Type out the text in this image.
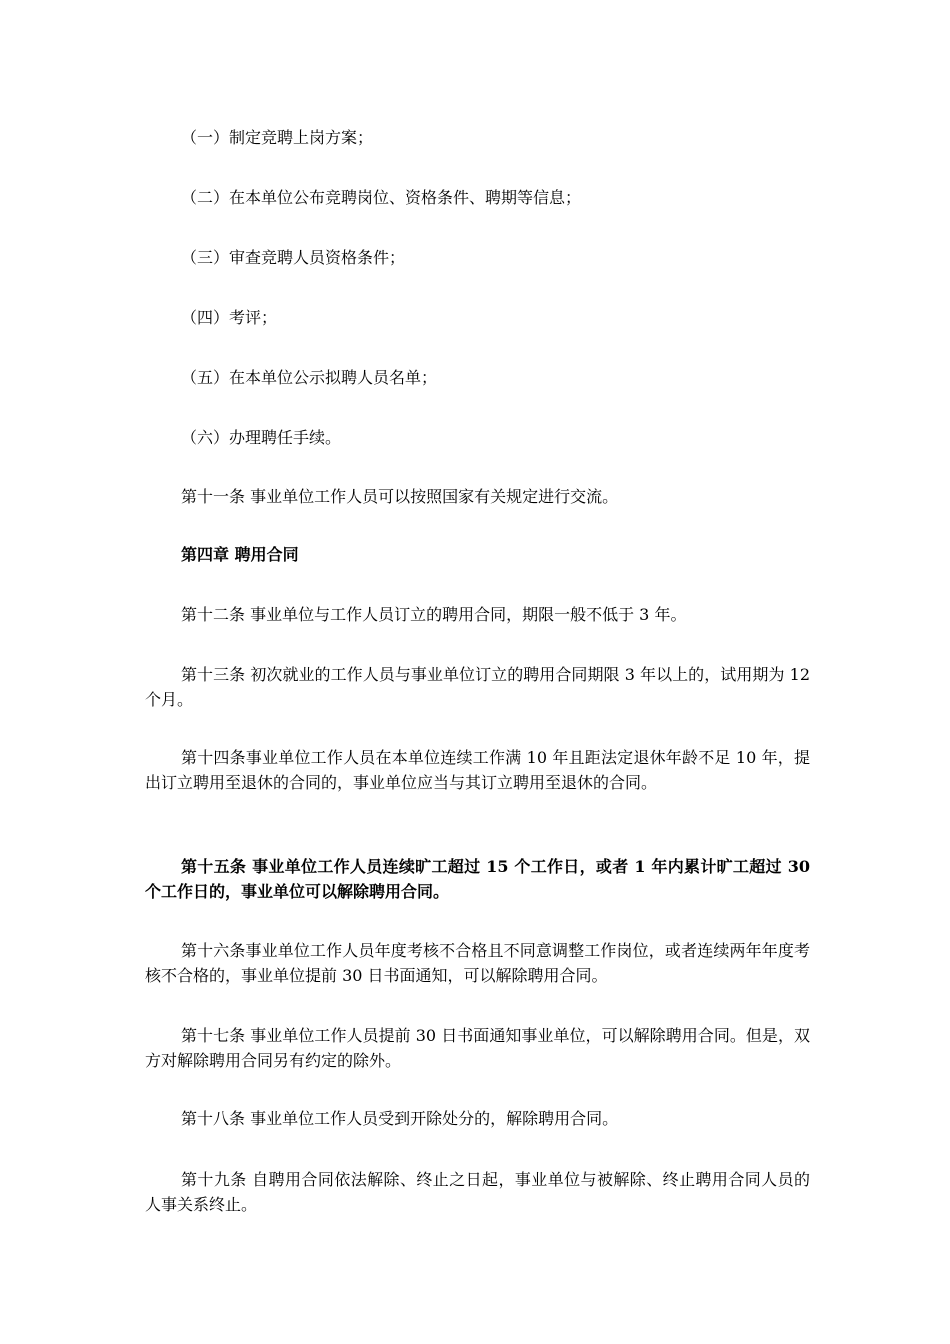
（一）制定竞聘上岗方案；

（二）在本单位公布竞聘岗位、资格条件、聘期等信息；

（三）审查竞聘人员资格条件；

（四）考评；

（五）在本单位公示拟聘人员名单；

（六）办理聘任手续。

第十一条 事业单位工作人员可以按照国家有关规定进行交流。

第四章 聘用合同

第十二条 事业单位与工作人员订立的聘用合同，期限一般不低于 3 年。

第十三条 初次就业的工作人员与事业单位订立的聘用合同期限 3 年以上的，试用期为 12 个月。

第十四条事业单位工作人员在本单位连续工作满 10 年且距法定退休年龄不足 10 年，提出订立聘用至退休的合同的，事业单位应当与其订立聘用至退休的合同。

第十五条 事业单位工作人员连续旷工超过 15 个工作日，或者 1 年内累计旷工超过 30 个工作日的，事业单位可以解除聘用合同。

第十六条事业单位工作人员年度考核不合格且不同意调整工作岗位，或者连续两年年度考核不合格的，事业单位提前 30 日书面通知，可以解除聘用合同。

第十七条 事业单位工作人员提前 30 日书面通知事业单位，可以解除聘用合同。但是，双方对解除聘用合同另有约定的除外。

第十八条 事业单位工作人员受到开除处分的，解除聘用合同。

第十九条 自聘用合同依法解除、终止之日起，事业单位与被解除、终止聘用合同人员的人事关系终止。
